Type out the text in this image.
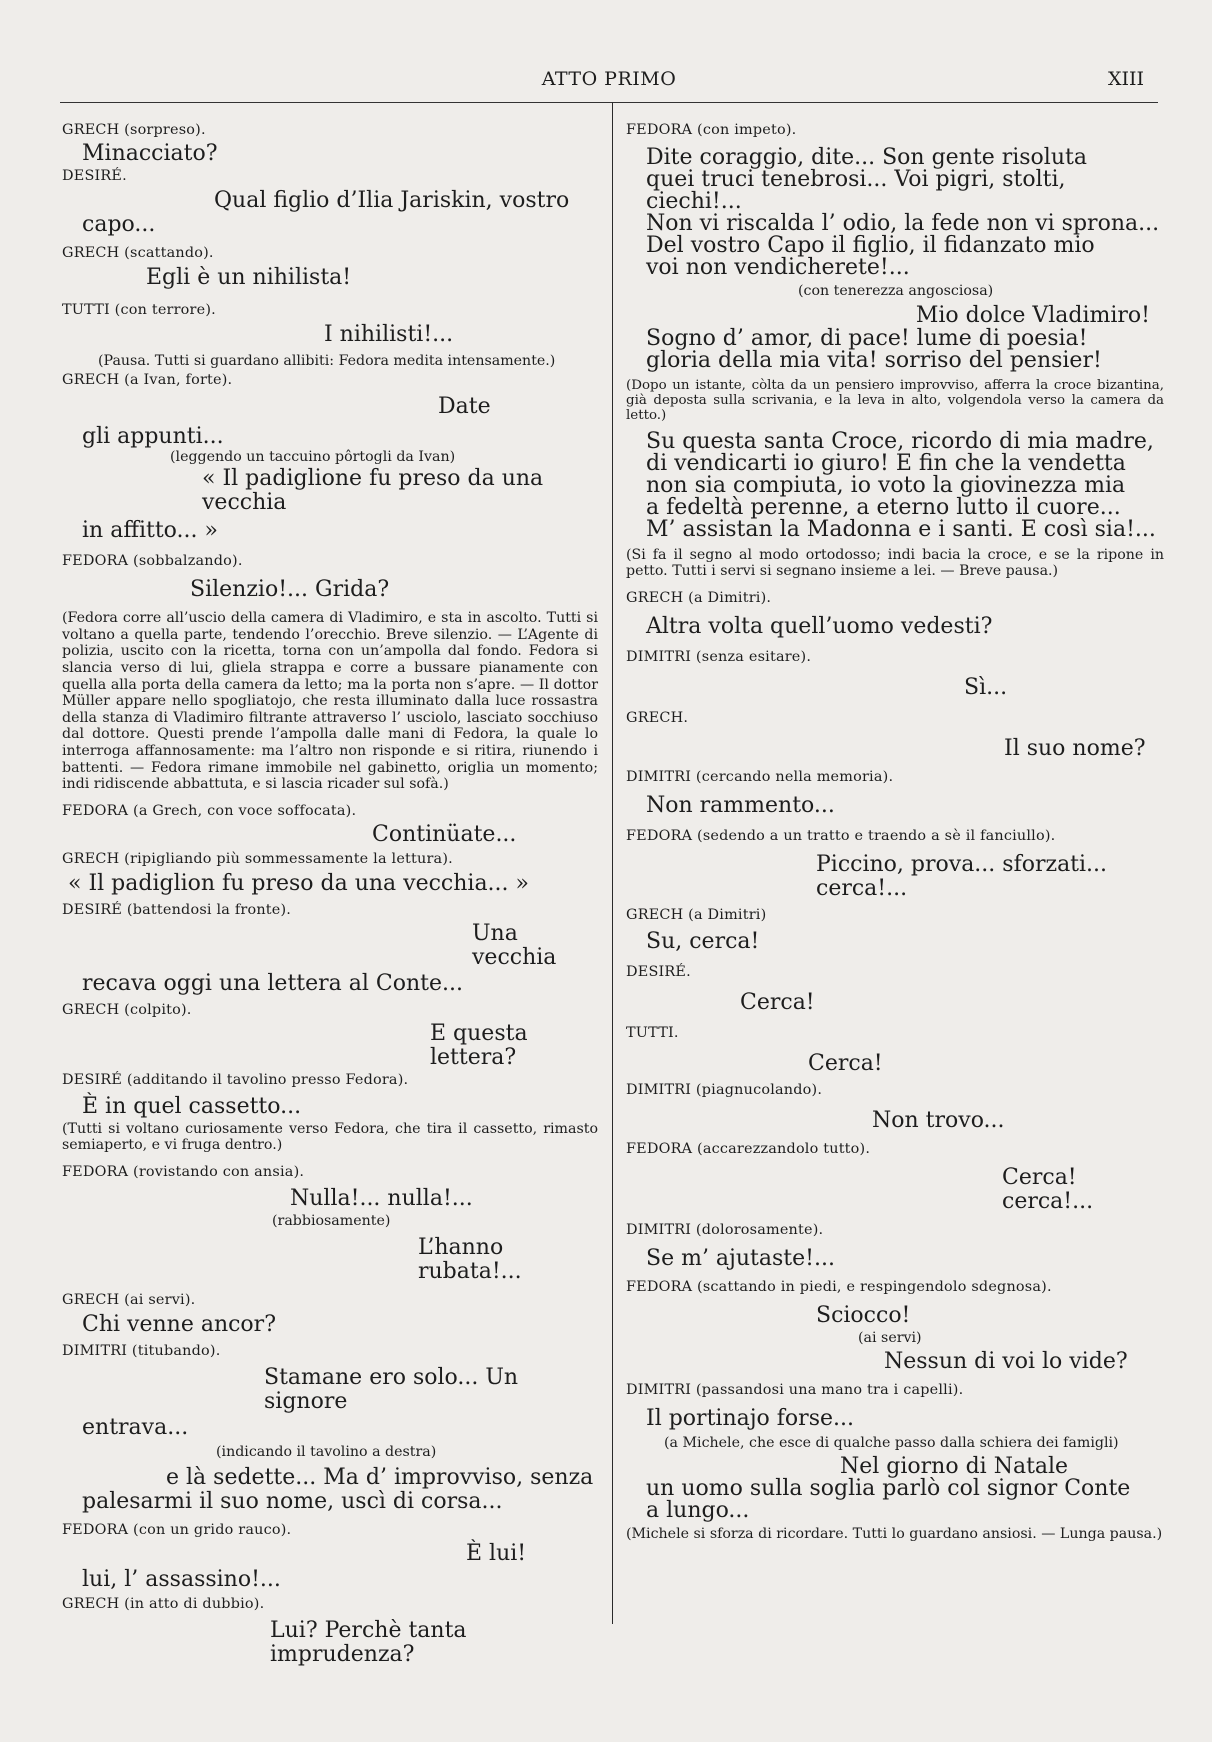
ATTO PRIMO	XIII
GRECH (sorpreso).
Minacciato?
DESIRÉ.
Qual figlio d’Ilia Jariskin, vostro
capo...
GRECH (scattando).
Egli è un nihilista!
TUTTI (con terrore).
I nihilisti!...
(Pausa. Tutti si guardano allibiti: Fedora medita intensamente.)
GRECH (a Ivan, forte).
Date
gli appunti...
(leggendo un taccuino pôrtogli da Ivan)
« Il padiglione fu preso da una vecchia
in affitto... »
FEDORA (sobbalzando).
Silenzio!... Grida?
(Fedora corre all’uscio della camera di Vladimiro, e sta in ascolto. Tutti si voltano a quella parte, tendendo l’orecchio. Breve silenzio. — L’Agente di polizia, uscito con la ricetta, torna con un’ampolla dal fondo. Fedora si slancia verso di lui, gliela strappa e corre a bussare pianamente con quella alla porta della camera da letto; ma la porta non s’apre. — Il dottor Müller appare nello spogliatojo, che resta illuminato dalla luce rossastra della stanza di Vladimiro filtrante attraverso l’ usciolo, lasciato socchiuso dal dottore. Questi prende l’ampolla dalle mani di Fedora, la quale lo interroga affannosamente: ma l’altro non risponde e si ritira, riunendo i battenti. — Fedora rimane immobile nel gabinetto, origlia un momento; indi ridiscende abbattuta, e si lascia ricader sul sofà.)
FEDORA (a Grech, con voce soffocata).
Continüate...
GRECH (ripigliando più sommessamente la lettura).
« Il padiglion fu preso da una vecchia... »
DESIRÉ (battendosi la fronte).
Una vecchia
recava oggi una lettera al Conte...
GRECH (colpito).
E questa lettera?
DESIRÉ (additando il tavolino presso Fedora).
È in quel cassetto...
(Tutti si voltano curiosamente verso Fedora, che tira il cassetto, rimasto semiaperto, e vi fruga dentro.)
FEDORA (rovistando con ansia).
Nulla!... nulla!...
(rabbiosamente)
L’hanno rubata!...
GRECH (ai servi).
Chi venne ancor?
DIMITRI (titubando).
Stamane ero solo... Un signore
entrava...
(indicando il tavolino a destra)
e là sedette... Ma d’ improvviso, senza
palesarmi il suo nome, uscì di corsa...
FEDORA (con un grido rauco).
È lui!
lui, l’ assassino!...
GRECH (in atto di dubbio).
Lui? Perchè tanta imprudenza?
FEDORA (con impeto).
Dite coraggio, dite... Son gente risoluta
quei truci tenebrosi... Voi pigri, stolti, ciechi!...
Non vi riscalda l’ odio, la fede non vi sprona...
Del vostro Capo il figlio, il fidanzato mio
voi non vendicherete!...
(con tenerezza angosciosa)
Mio dolce Vladimiro!
Sogno d’ amor, di pace! lume di poesia!
gloria della mia vita! sorriso del pensier!
(Dopo un istante, còlta da un pensiero improvviso, afferra la croce bizantina, già deposta sulla scrivania, e la leva in alto, volgendola verso la camera da letto.)
Su questa santa Croce, ricordo di mia madre,
di vendicarti io giuro! E fin che la vendetta
non sia compiuta, io voto la giovinezza mia
a fedeltà perenne, a eterno lutto il cuore...
M’ assistan la Madonna e i santi. E così sia!...
(Si fa il segno al modo ortodosso; indi bacia la croce, e se la ripone in petto. Tutti i servi si segnano insieme a lei. — Breve pausa.)
GRECH (a Dimitri).
Altra volta quell’uomo vedesti?
DIMITRI (senza esitare).
Sì...
GRECH.
Il suo nome?
DIMITRI (cercando nella memoria).
Non rammento...
FEDORA (sedendo a un tratto e traendo a sè il fanciullo).
Piccino, prova... sforzati... cerca!...
GRECH (a Dimitri)
Su, cerca!
DESIRÉ.
Cerca!
TUTTI.
Cerca!
DIMITRI (piagnucolando).
Non trovo...
FEDORA (accarezzandolo tutto).
Cerca! cerca!...
DIMITRI (dolorosamente).
Se m’ ajutaste!...
FEDORA (scattando in piedi, e respingendolo sdegnosa).
Sciocco!
(ai servi)
Nessun di voi lo vide?
DIMITRI (passandosi una mano tra i capelli).
Il portinajo forse...
(a Michele, che esce di qualche passo dalla schiera dei famigli)
Nel giorno di Natale
un uomo sulla soglia parlò col signor Conte
a lungo...
(Michele si sforza di ricordare. Tutti lo guardano ansiosi. — Lunga pausa.)
